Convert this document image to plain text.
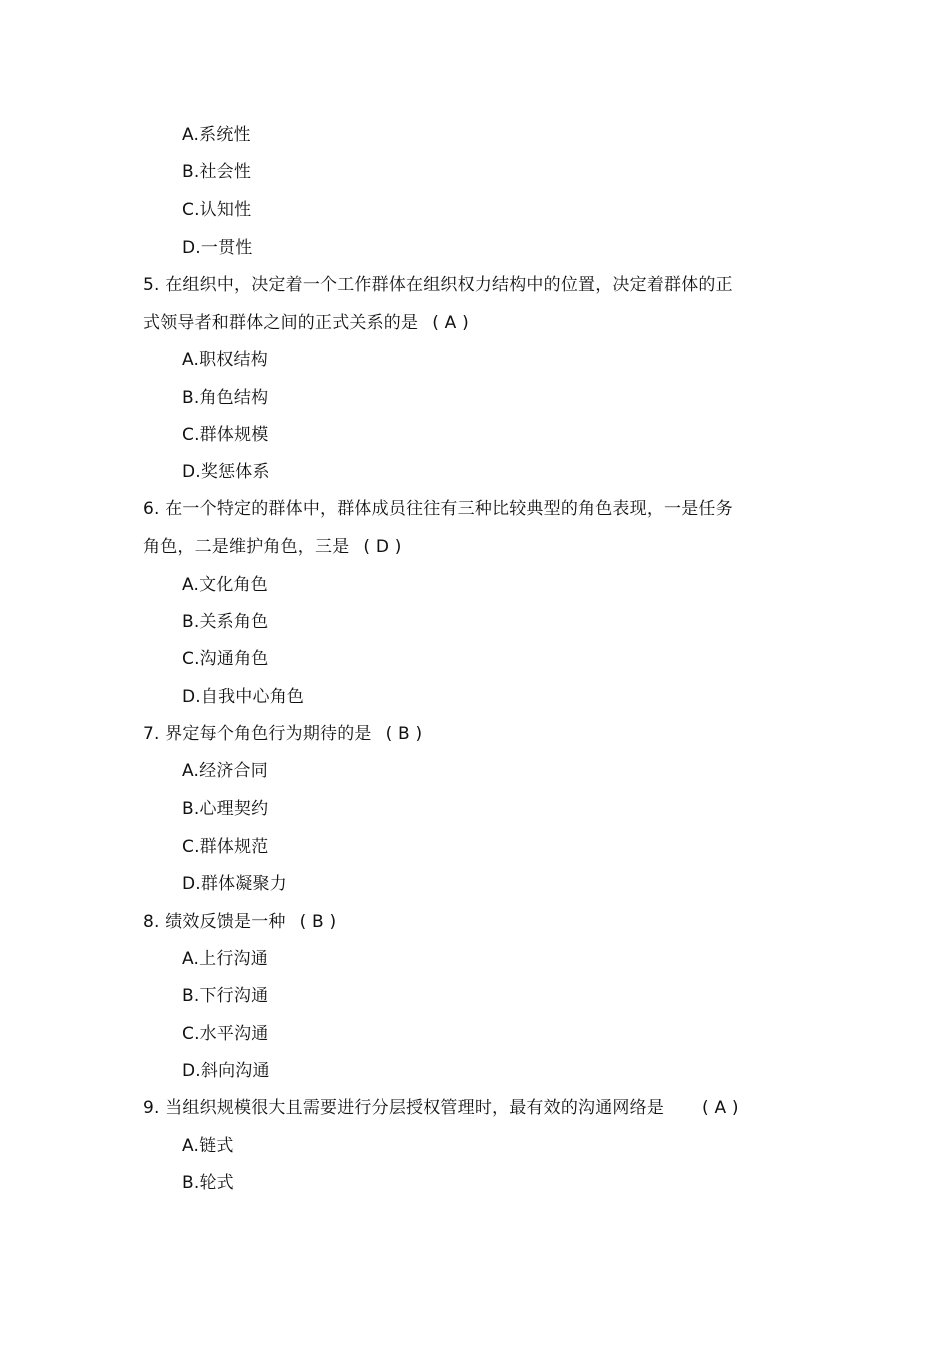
A.系统性
B.社会性
C.认知性
D.一贯性
5. 在组织中，决定着一个工作群体在组织权力结构中的位置，决定着群体的正
式领导者和群体之间的正式关系的是 ( A )
A.职权结构
B.角色结构
C.群体规模
D.奖惩体系
6. 在一个特定的群体中，群体成员往往有三种比较典型的角色表现，一是任务
角色，二是维护角色，三是 ( D )
A.文化角色
B.关系角色
C.沟通角色
D.自我中心角色
7. 界定每个角色行为期待的是 ( B )
A.经济合同
B.心理契约
C.群体规范
D.群体凝聚力
8. 绩效反馈是一种 ( B )
A.上行沟通
B.下行沟通
C.水平沟通
D.斜向沟通
9. 当组织规模很大且需要进行分层授权管理时，最有效的沟通网络是 ( A )
A.链式
B.轮式
